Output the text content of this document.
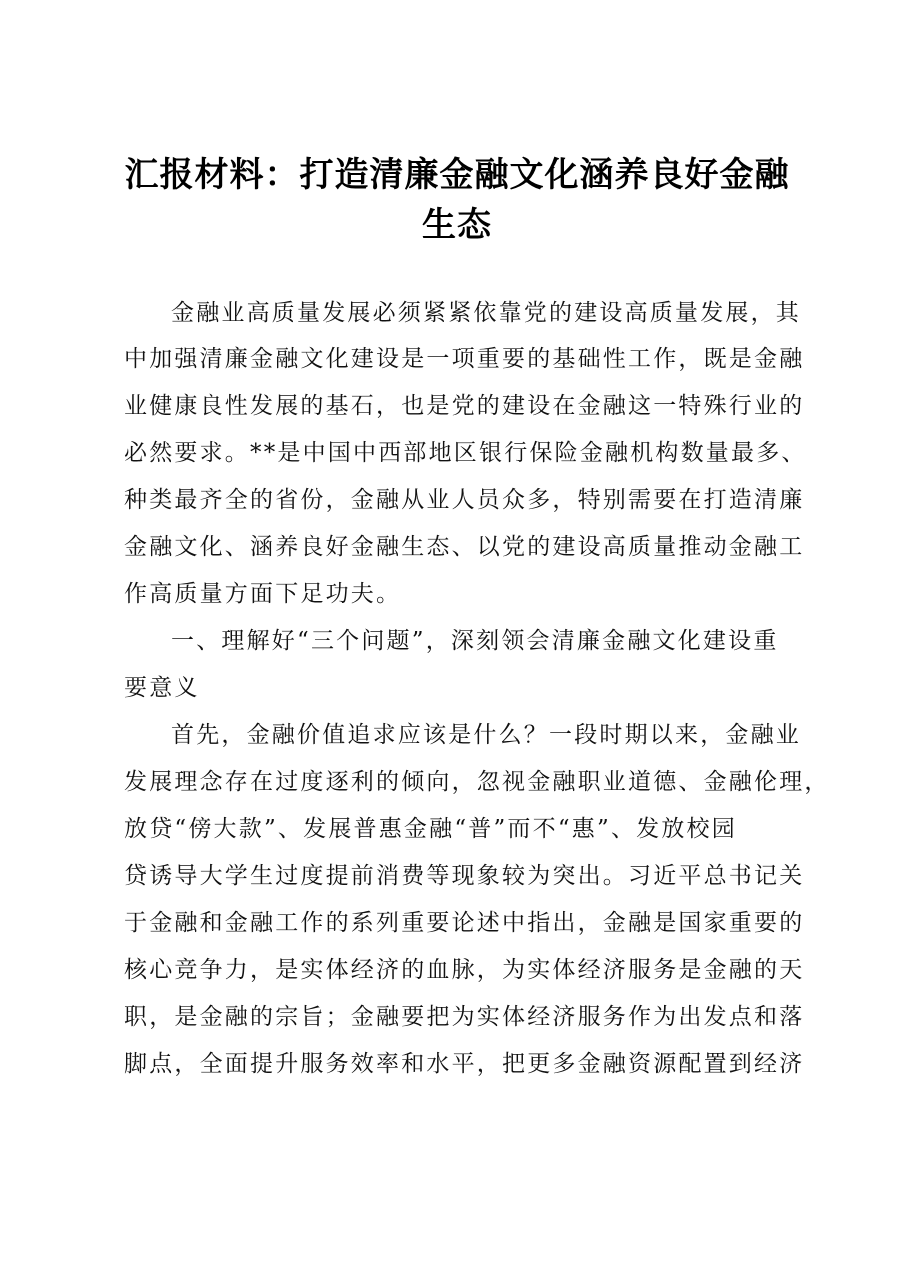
汇报材料：打造清廉金融文化涵养良好金融生态

金融业高质量发展必须紧紧依靠党的建设高质量发展，其

中加强清廉金融文化建设是一项重要的基础性工作，既是金融

业健康良性发展的基石，也是党的建设在金融这一特殊行业的

必然要求。**是中国中西部地区银行保险金融机构数量最多、

种类最齐全的省份，金融从业人员众多，特别需要在打造清廉

金融文化、涵养良好金融生态、以党的建设高质量推动金融工

作高质量方面下足功夫。

一、理解好“三个问题”，深刻领会清廉金融文化建设重

要意义

首先，金融价值追求应该是什么？一段时期以来，金融业

发展理念存在过度逐利的倾向，忽视金融职业道德、金融伦理，

放贷“傍大款”、发展普惠金融“普”而不“惠”、发放校园

贷诱导大学生过度提前消费等现象较为突出。习近平总书记关

于金融和金融工作的系列重要论述中指出，金融是国家重要的

核心竞争力，是实体经济的血脉，为实体经济服务是金融的天

职，是金融的宗旨；金融要把为实体经济服务作为出发点和落

脚点，全面提升服务效率和水平，把更多金融资源配置到经济
